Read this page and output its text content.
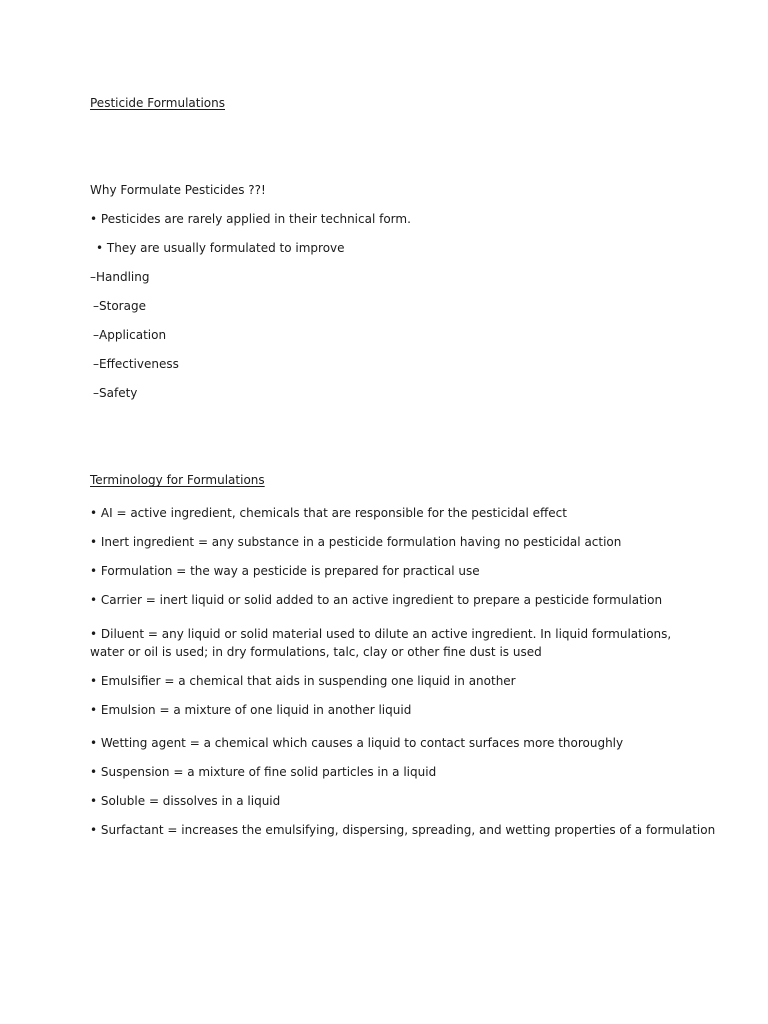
Pesticide Formulations
Why Formulate Pesticides ??!
• Pesticides are rarely applied in their technical form.
• They are usually formulated to improve
–Handling
–Storage
–Application
–Effectiveness
–Safety
Terminology for Formulations
• AI = active ingredient, chemicals that are responsible for the pesticidal effect
• Inert ingredient = any substance in a pesticide formulation having no pesticidal action
• Formulation = the way a pesticide is prepared for practical use
• Carrier = inert liquid or solid added to an active ingredient to prepare a pesticide formulation
• Diluent = any liquid or solid material used to dilute an active ingredient. In liquid formulations, water or oil is used; in dry formulations, talc, clay or other fine dust is used
• Emulsifier = a chemical that aids in suspending one liquid in another
• Emulsion = a mixture of one liquid in another liquid
• Wetting agent = a chemical which causes a liquid to contact surfaces more thoroughly
• Suspension = a mixture of fine solid particles in a liquid
• Soluble = dissolves in a liquid
• Surfactant = increases the emulsifying, dispersing, spreading, and wetting properties of a formulation
